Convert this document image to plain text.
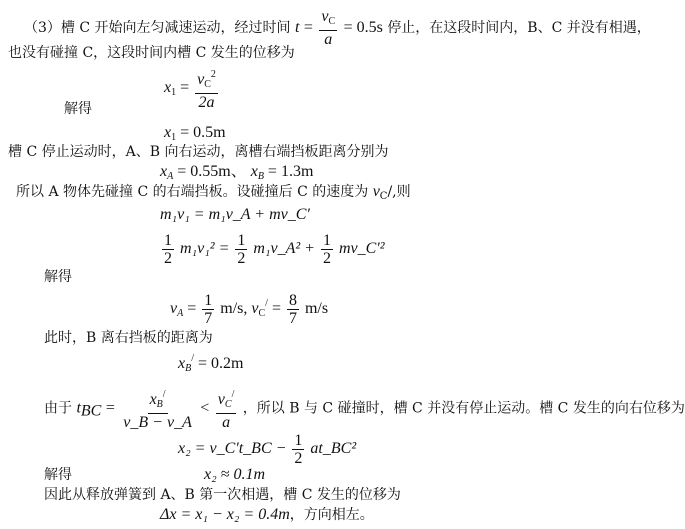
（3）槽 C 开始向左匀减速运动，经过时间 $t = \frac{v_C}{a} = 0.5s$ 停止，在这段时间内，B、C 并没有相遇，
也没有碰撞 C，这段时间内槽 C 发生的位移为
$x_1 = \frac{v_C^2}{2a}$
解得
$x_1 = 0.5m$
槽 C 停止运动时，A、B 向右运动，离槽右端挡板距离分别为
$x_A = 0.55m$、 $x_B = 1.3m$
所以 A 物体先碰撞 C 的右端挡板。设碰撞后 C 的速度为 $v_C/$,则
m₁v₁ = m₁v_A + mv_C′
$\frac{1}{2} m_1v_1^2 = \frac{1}{2}$ m₁v_A² + $\frac{1}{2}$ mv_C′²
解得
$v_A = \frac{1}{7} m/s$, $v_C^/ = \frac{8}{7} m/s$
此时，B 离右挡板的距离为
$x_B^/ = 0.2m$
由于 $t_{BC} = \frac{x_B^/}{v\_B - v\_A} < \frac{v_C^/}{a}$ ，所以 B 与 C 碰撞时，槽 C 并没有停止运动。槽 C 发生的向右位移为
x₂ = v_C′t_BC − $\frac{1}{2}$ at_BC²
解得	x₂ ≈ 0.1m
因此从释放弹簧到 A、B 第一次相遇，槽 C 发生的位移为
Δx = x₁ − x₂ = 0.4m，方向相左。
